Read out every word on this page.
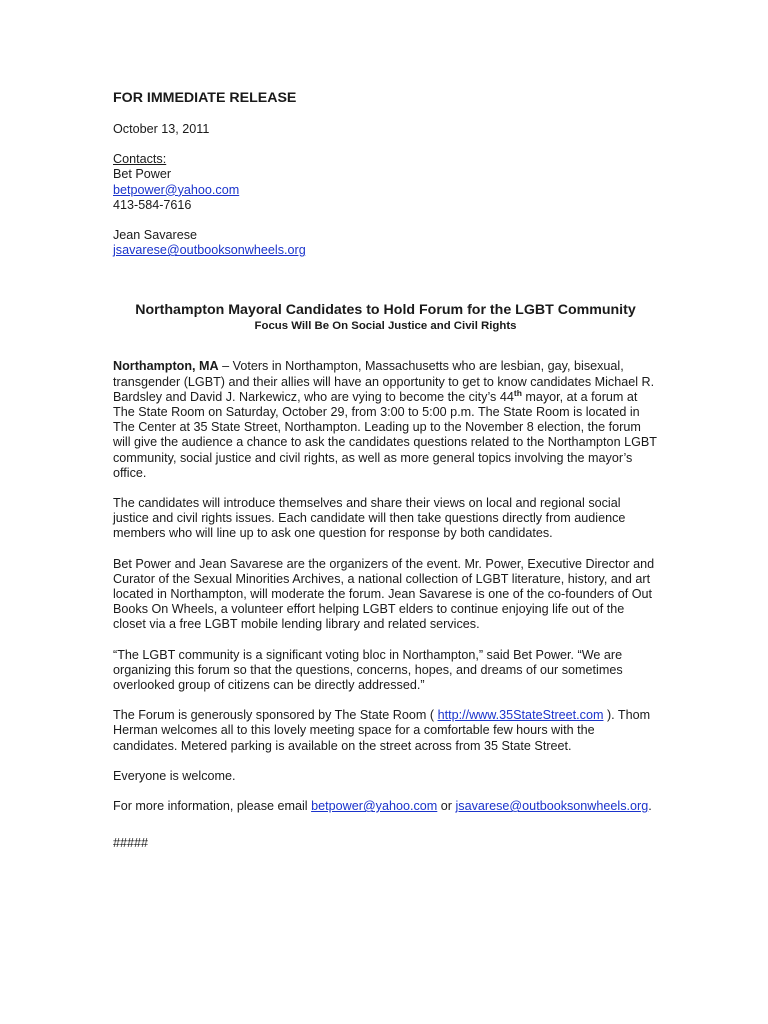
FOR IMMEDIATE RELEASE
October 13, 2011
Contacts:
Bet Power
betpower@yahoo.com
413-584-7616
Jean Savarese
jsavarese@outbooksonwheels.org
Northampton Mayoral Candidates to Hold Forum for the LGBT Community
Focus Will Be On Social Justice and Civil Rights

Northampton, MA – Voters in Northampton, Massachusetts who are lesbian, gay, bisexual, transgender (LGBT) and their allies will have an opportunity to get to know candidates Michael R. Bardsley and David J. Narkewicz, who are vying to become the city’s 44th mayor, at a forum at The State Room on Saturday, October 29, from 3:00 to 5:00 p.m. The State Room is located in The Center at 35 State Street, Northampton. Leading up to the November 8 election, the forum will give the audience a chance to ask the candidates questions related to the Northampton LGBT community, social justice and civil rights, as well as more general topics involving the mayor’s office.

The candidates will introduce themselves and share their views on local and regional social justice and civil rights issues. Each candidate will then take questions directly from audience members who will line up to ask one question for response by both candidates.

Bet Power and Jean Savarese are the organizers of the event. Mr. Power, Executive Director and Curator of the Sexual Minorities Archives, a national collection of LGBT literature, history, and art located in Northampton, will moderate the forum. Jean Savarese is one of the co-founders of Out Books On Wheels, a volunteer effort helping LGBT elders to continue enjoying life out of the closet via a free LGBT mobile lending library and related services.

“The LGBT community is a significant voting bloc in Northampton,” said Bet Power. “We are organizing this forum so that the questions, concerns, hopes, and dreams of our sometimes overlooked group of citizens can be directly addressed.”

The Forum is generously sponsored by The State Room ( http://www.35StateStreet.com ). Thom Herman welcomes all to this lovely meeting space for a comfortable few hours with the candidates. Metered parking is available on the street across from 35 State Street.

Everyone is welcome.

For more information, please email betpower@yahoo.com or jsavarese@outbooksonwheels.org.

#####
